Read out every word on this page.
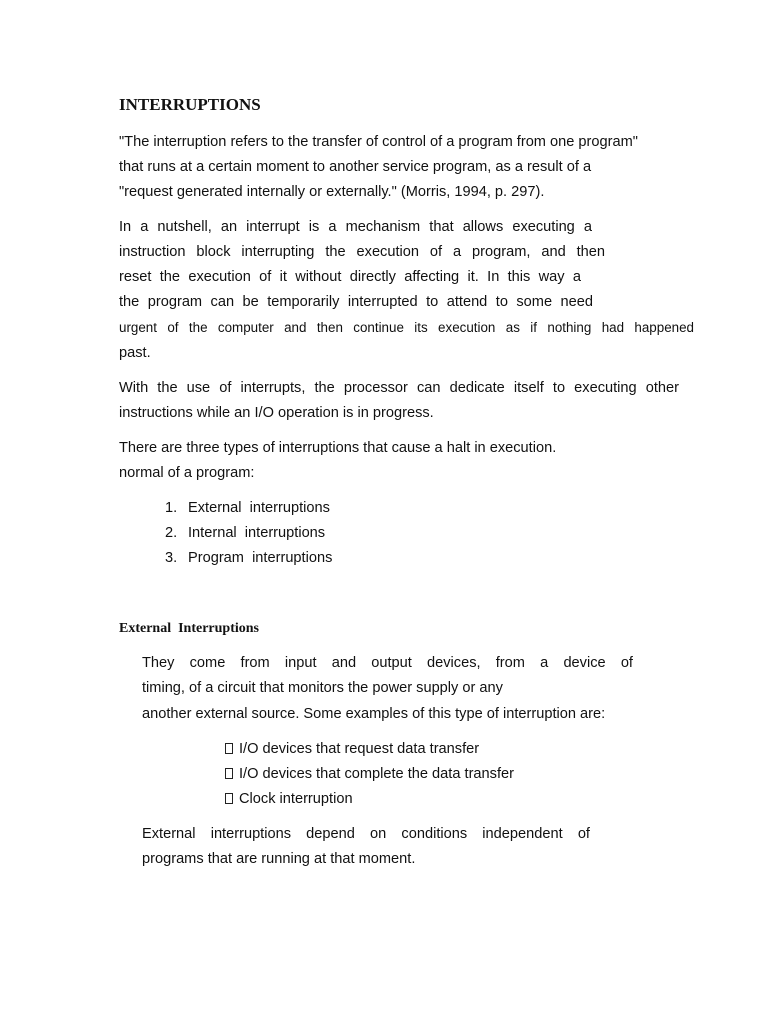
INTERRUPTIONS

"The interruption refers to the transfer of control of a program from one program"

that runs at a certain moment to another service program, as a result of a

"request generated internally or externally." (Morris, 1994, p. 297).

In a nutshell, an interrupt is a mechanism that allows executing a

instruction block interrupting the execution of a program, and then

reset the execution of it without directly affecting it. In this way a

the program can be temporarily interrupted to attend to some need

urgent of the computer and then continue its execution as if nothing had happened

past.

With the use of interrupts, the processor can dedicate itself to executing other

instructions while an I/O operation is in progress.

There are three types of interruptions that cause a halt in execution.

normal of a program:

1. External  interruptions
2. Internal  interruptions
3. Program  interruptions
External  Interruptions

They come from input and output devices, from a device of

timing, of a circuit that monitors the power supply or any

another external source. Some examples of this type of interruption are:

I/O devices that request data transfer
I/O devices that complete the data transfer
Clock interruption

External interruptions depend on conditions independent of

programs that are running at that moment.
